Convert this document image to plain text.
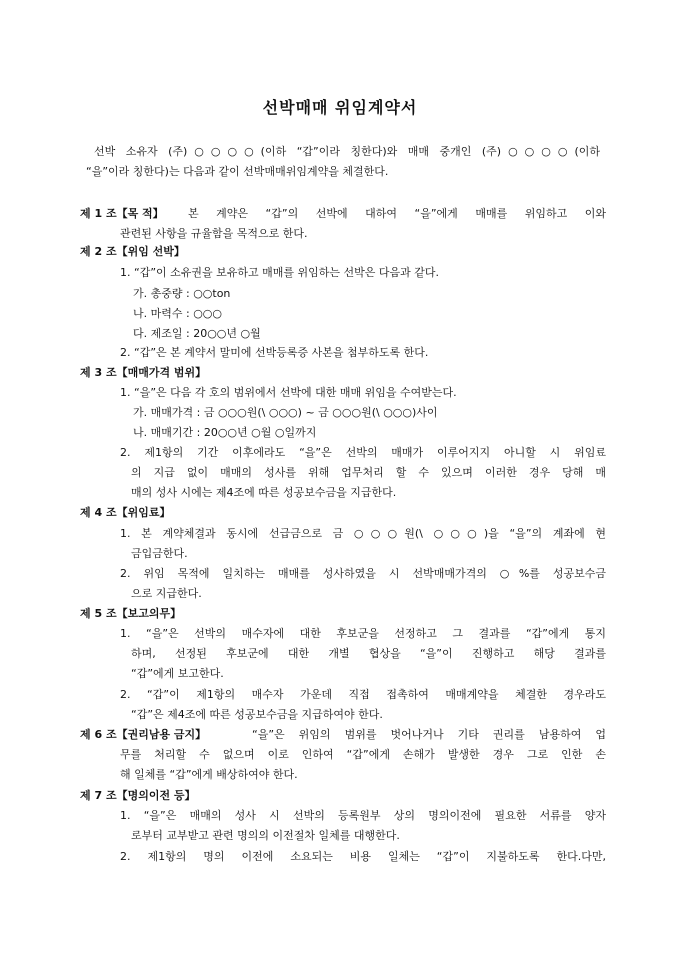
선박매매 위임계약서
선박 소유자 (주)○○○○(이하 “갑”이라 칭한다)와 매매 중개인 (주)○○○○(이하
“을”이라 칭한다)는 다음과 같이 선박매매위임계약을 체결한다.
제 1 조【목 적】 본 계약은 “갑”의 선박에 대하여 “을”에게 매매를 위임하고 이와
관련된 사항을 규율함을 목적으로 한다.
제 2 조【위임 선박】
1. “갑”이 소유권을 보유하고 매매를 위임하는 선박은 다음과 같다.
가. 총중량 : ○○ton
나. 마력수 : ○○○
다. 제조일 : 20○○년 ○월
2. “갑”은 본 계약서 말미에 선박등록증 사본을 첨부하도록 한다.
제 3 조【매매가격 범위】
1. “을”은 다음 각 호의 범위에서 선박에 대한 매매 위임을 수여받는다.
가. 매매가격 : 금 ○○○원(\ ○○○) ~ 금 ○○○원(\ ○○○)사이
나. 매매기간 : 20○○년 ○월 ○일까지
2. 제1항의 기간 이후에라도 “을”은 선박의 매매가 이루어지지 아니할 시 위임료
의 지급 없이 매매의 성사를 위해 업무처리 할 수 있으며 이러한 경우 당해 매
매의 성사 시에는 제4조에 따른 성공보수금을 지급한다.
제 4 조【위임료】
1. 본 계약체결과 동시에 선급금으로 금 ○○○원(\ ○○○)을 “을”의 계좌에 현
금입금한다.
2. 위임 목적에 일치하는 매매를 성사하였을 시 선박매매가격의 ○%를 성공보수금
으로 지급한다.
제 5 조【보고의무】
1. “을”은 선박의 매수자에 대한 후보군을 선정하고 그 결과를 “갑”에게 통지
하며, 선정된 후보군에 대한 개별 협상을 “을”이 진행하고 해당 결과를
“갑”에게 보고한다.
2. “갑”이 제1항의 매수자 가운데 직접 접촉하여 매매계약을 체결한 경우라도
“갑”은 제4조에 따른 성공보수금을 지급하여야 한다.
제 6 조【권리남용 금지】	“을”은 위임의 범위를 벗어나거나 기타 권리를 남용하여 업
무를 처리할 수 없으며 이로 인하여 “갑”에게 손해가 발생한 경우 그로 인한 손
해 일체를 “갑”에게 배상하여야 한다.
제 7 조【명의이전 등】
1. “을”은 매매의 성사 시 선박의 등록원부 상의 명의이전에 필요한 서류를 양자
로부터 교부받고 관련 명의의 이전절차 일체를 대행한다.
2. 제1항의 명의 이전에 소요되는 비용 일체는 “갑”이 지불하도록 한다.다만,
